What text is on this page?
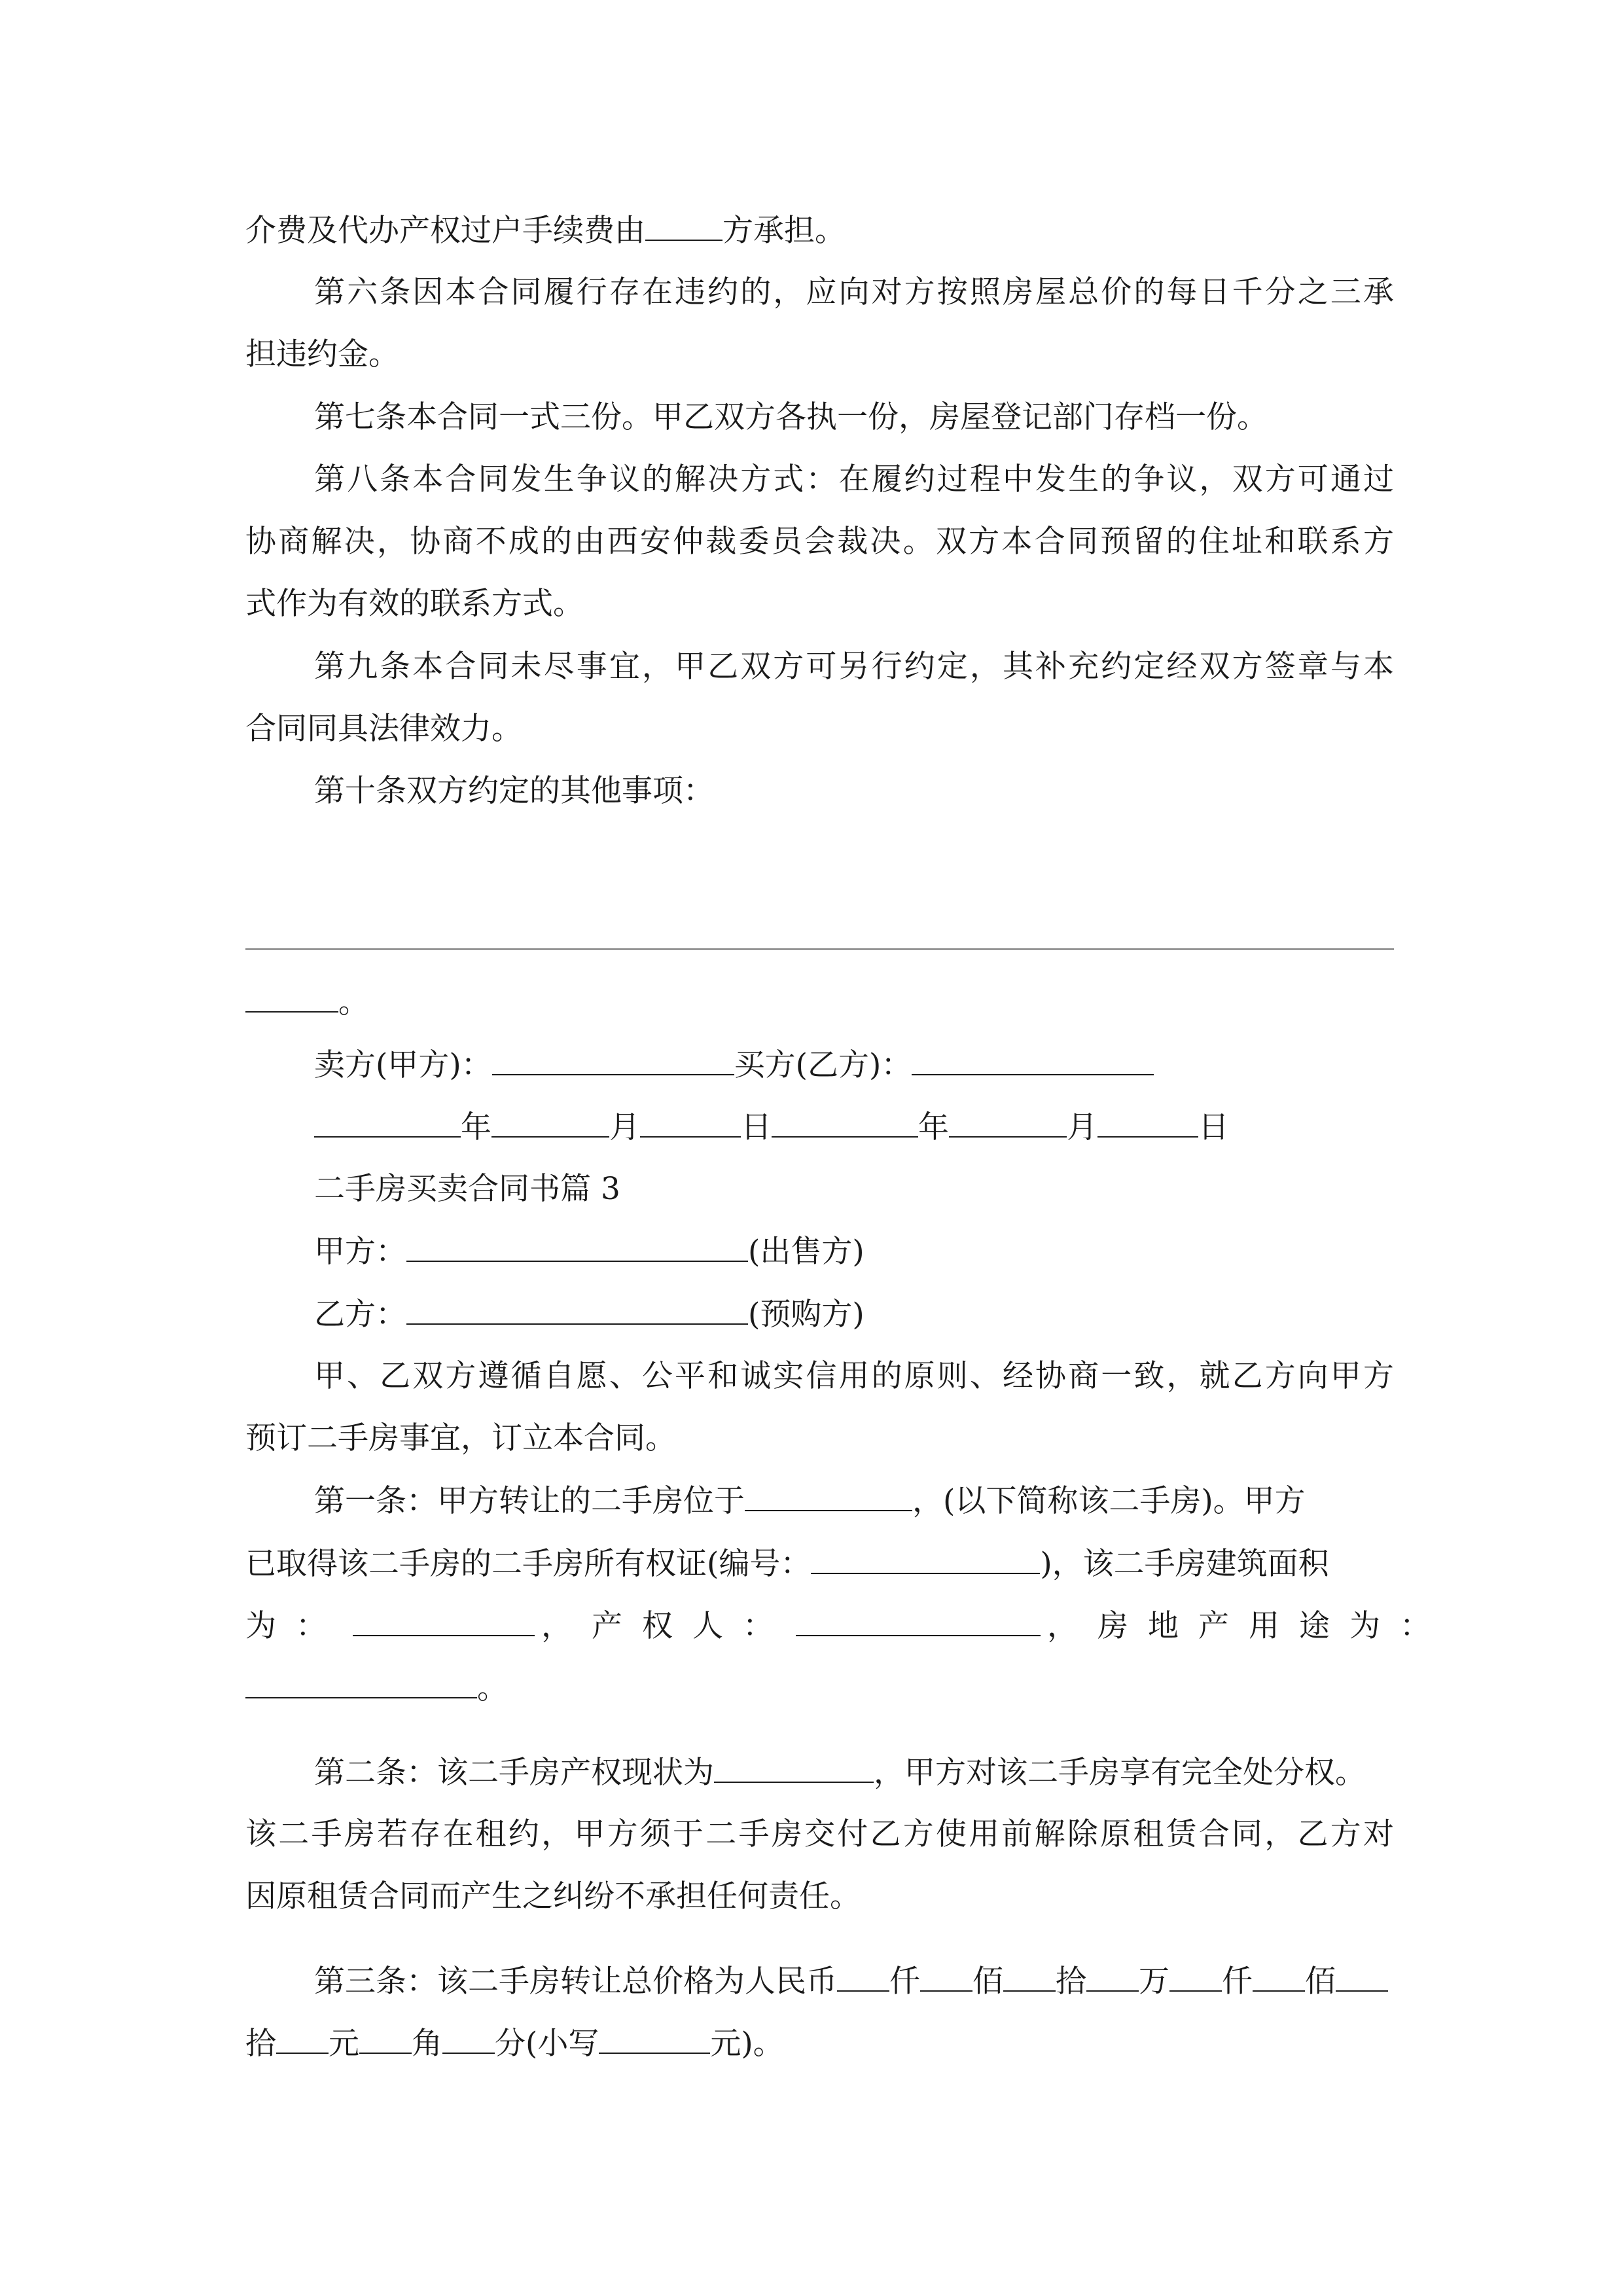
介费及代办产权过户手续费由	方承担。
第六条因本合同履行存在违约的，应向对方按照房屋总价的每日千分之三承
担违约金。
第七条本合同一式三份。甲乙双方各执一份，房屋登记部门存档一份。
第八条本合同发生争议的解决方式：在履约过程中发生的争议，双方可通过
协商解决，协商不成的由西安仲裁委员会裁决。双方本合同预留的住址和联系方
式作为有效的联系方式。
第九条本合同未尽事宜，甲乙双方可另行约定，其补充约定经双方签章与本
合同同具法律效力。
第十条双方约定的其他事项：
。
卖方(甲方)：	买方(乙方)：
年	月	日	年	月	日
二手房买卖合同书篇 3
甲方：	(出售方)
乙方：	(预购方)
甲、乙双方遵循自愿、公平和诚实信用的原则、经协商一致，就乙方向甲方
预订二手房事宜，订立本合同。
第一条：甲方转让的二手房位于	，(以下简称该二手房)。甲方
已取得该二手房的二手房所有权证(编号：	)，该二手房建筑面积
为：	，产权人：	，房地产用途为：
。
第二条：该二手房产权现状为	，甲方对该二手房享有完全处分权。
该二手房若存在租约，甲方须于二手房交付乙方使用前解除原租赁合同，乙方对
因原租赁合同而产生之纠纷不承担任何责任。
第三条：该二手房转让总价格为人民币 仟 佰 拾 万 仟 佰
拾 元 角 分(小写	元)。
